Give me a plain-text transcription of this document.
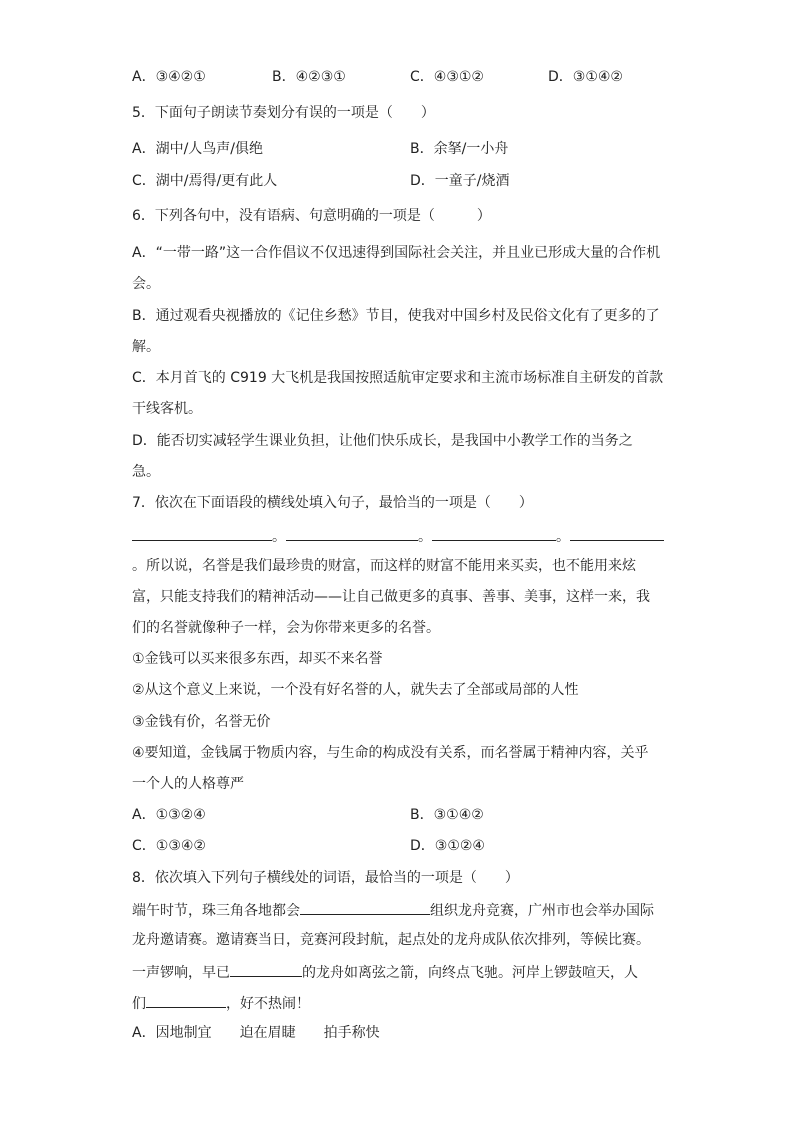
A．③④②①	B．④②③①	C．④③①②	D．③①④②
5．下面句子朗读节奏划分有误的一项是（　　）
A．湖中/人鸟声/俱绝	B．余拏/一小舟
C．湖中/焉得/更有此人	D．一童子/烧酒
6．下列各句中，没有语病、句意明确的一项是（　　　）
A．“一带一路”这一合作倡议不仅迅速得到国际社会关注，并且业已形成大量的合作机
会。
B．通过观看央视播放的《记住乡愁》节目，使我对中国乡村及民俗文化有了更多的了
解。
C．本月首飞的 C919 大飞机是我国按照适航审定要求和主流市场标准自主研发的首款
干线客机。
D．能否切实减轻学生课业负担，让他们快乐成长，是我国中小教学工作的当务之
急。
7．依次在下面语段的横线处填入句子，最恰当的一项是（　　）
。	。	。
。所以说，名誉是我们最珍贵的财富，而这样的财富不能用来买卖，也不能用来炫
富，只能支持我们的精神活动——让自己做更多的真事、善事、美事，这样一来，我
们的名誉就像种子一样，会为你带来更多的名誉。
①金钱可以买来很多东西，却买不来名誉
②从这个意义上来说，一个没有好名誉的人，就失去了全部或局部的人性
③金钱有价，名誉无价
④要知道，金钱属于物质内容，与生命的构成没有关系，而名誉属于精神内容，关乎
一个人的人格尊严
A．①③②④	B．③①④②
C．①③④②	D．③①②④
8．依次填入下列句子横线处的词语，最恰当的一项是（　　）
端午时节，珠三角各地都会	组织龙舟竞赛，广州市也会举办国际
龙舟邀请赛。邀请赛当日，竞赛河段封航，起点处的龙舟成队依次排列，等候比赛。
一声锣响，早已	的龙舟如离弦之箭，向终点飞驰。河岸上锣鼓喧天，人
们	，好不热闹！
A．因地制宜 迫在眉睫 拍手称快
